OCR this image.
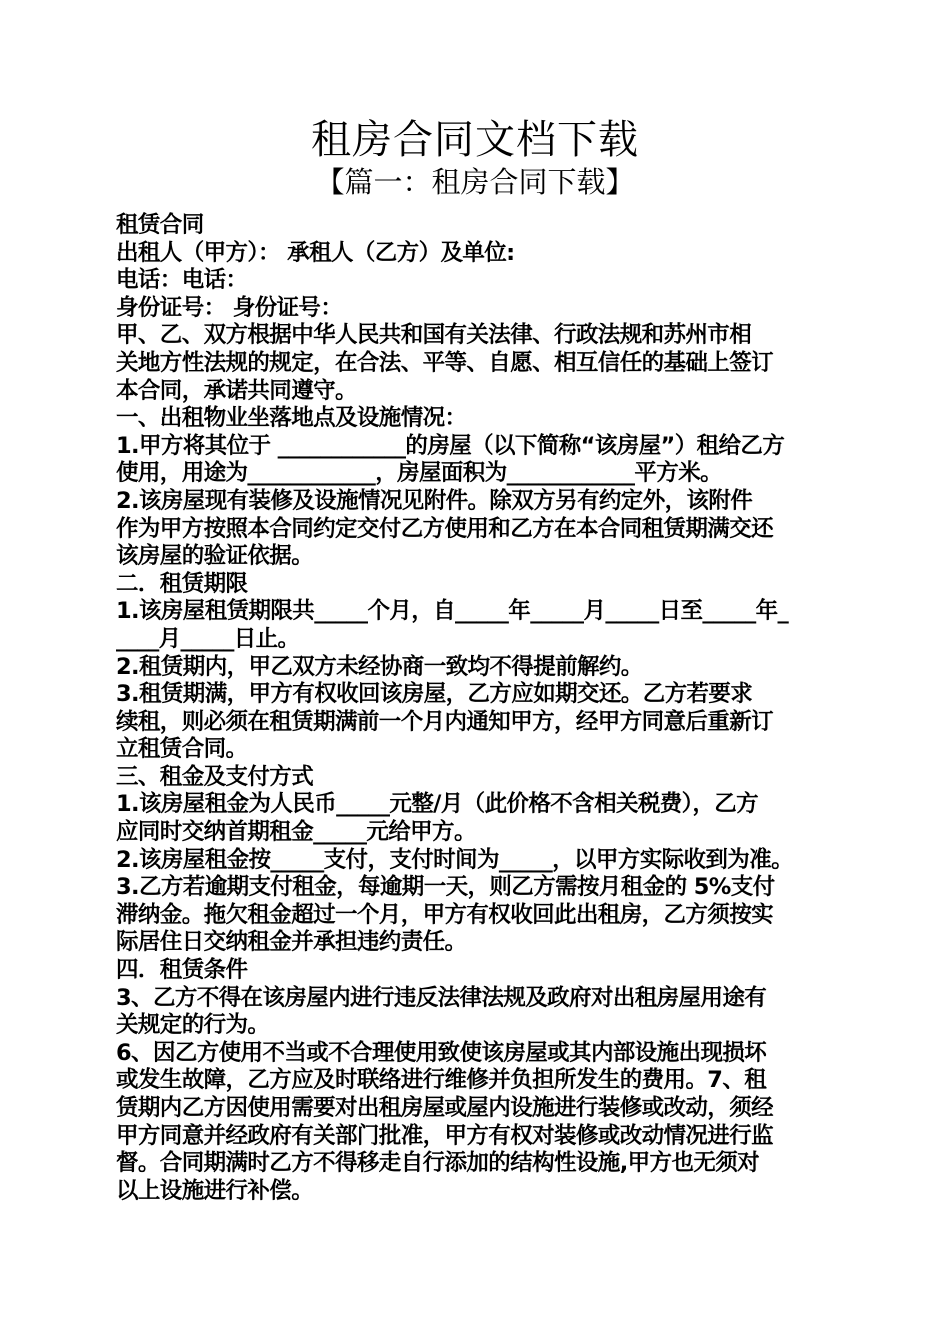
租房合同文档下载
【篇一：租房合同下载】
租赁合同
出租人（甲方）： 承租人（乙方）及单位:
电话：电话：
身份证号： 身份证号：
甲、乙、双方根据中华人民共和国有关法律、行政法规和苏州市相
关地方性法规的规定，在合法、平等、自愿、相互信任的基础上签订
本合同，承诺共同遵守。
一、出租物业坐落地点及设施情况：
1.甲方将其位于 ____________的房屋（以下简称“该房屋”）租给乙方
使用，用途为____________，房屋面积为____________平方米。
2.该房屋现有装修及设施情况见附件。除双方另有约定外，该附件
作为甲方按照本合同约定交付乙方使用和乙方在本合同租赁期满交还
该房屋的验证依据。
二．租赁期限
1.该房屋租赁期限共_____个月，自_____年_____月_____日至_____年_
____月_____日止。
2.租赁期内，甲乙双方未经协商一致均不得提前解约。
3.租赁期满，甲方有权收回该房屋，乙方应如期交还。乙方若要求
续租，则必须在租赁期满前一个月内通知甲方，经甲方同意后重新订
立租赁合同。
三、租金及支付方式
1.该房屋租金为人民币_____元整/月（此价格不含相关税费），乙方
应同时交纳首期租金_____元给甲方。
2.该房屋租金按_____支付，支付时间为_____，以甲方实际收到为准。
3.乙方若逾期支付租金，每逾期一天，则乙方需按月租金的 5%支付
滞纳金。拖欠租金超过一个月，甲方有权收回此出租房，乙方须按实
际居住日交纳租金并承担违约责任。
四．租赁条件
3、乙方不得在该房屋内进行违反法律法规及政府对出租房屋用途有
关规定的行为。
6、因乙方使用不当或不合理使用致使该房屋或其内部设施出现损坏
或发生故障，乙方应及时联络进行维修并负担所发生的费用。7、租
赁期内乙方因使用需要对出租房屋或屋内设施进行装修或改动，须经
甲方同意并经政府有关部门批准，甲方有权对装修或改动情况进行监
督。合同期满时乙方不得移走自行添加的结构性设施,甲方也无须对
以上设施进行补偿。
